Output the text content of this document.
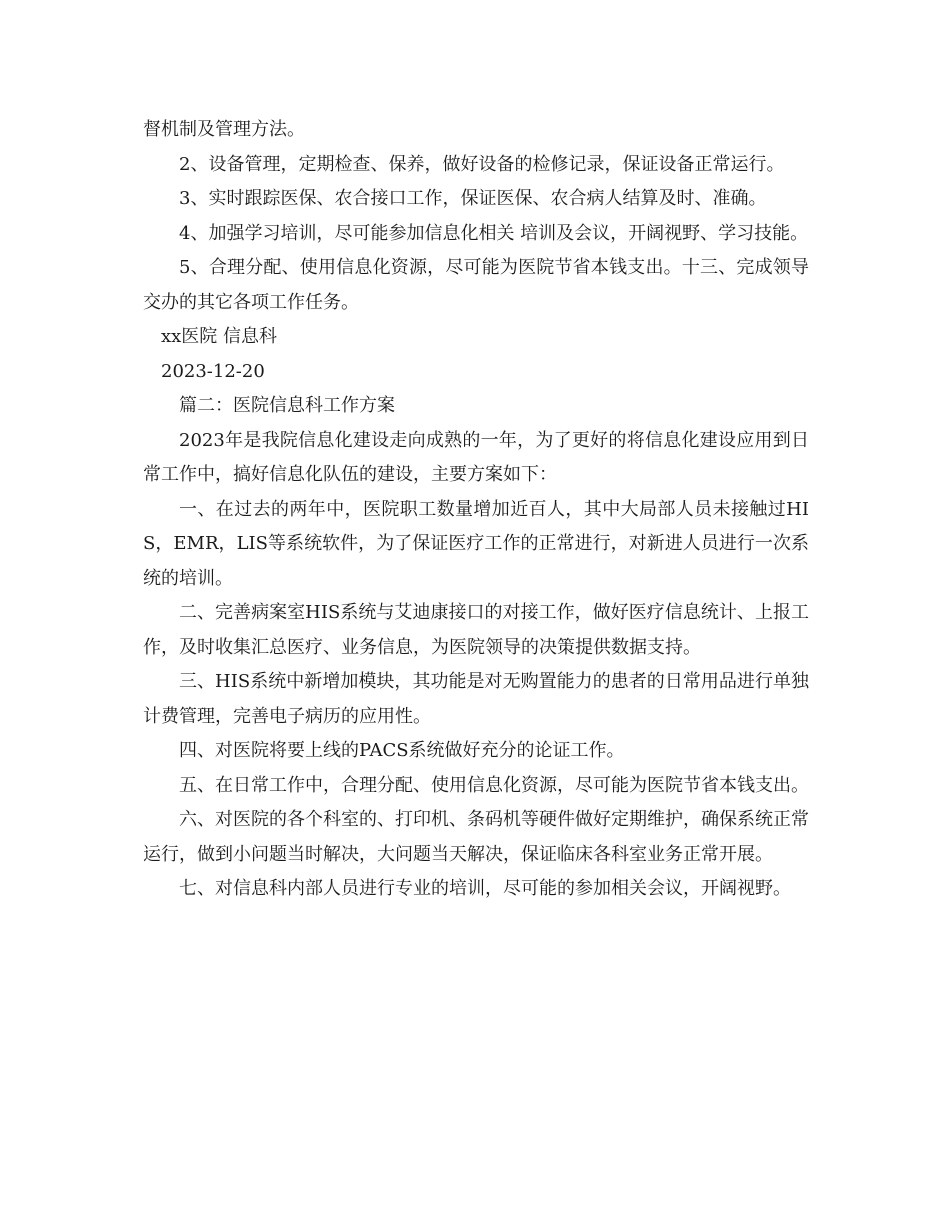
督机制及管理方法。

2、设备管理，定期检查、保养，做好设备的检修记录，保证设备正常运行。

3、实时跟踪医保、农合接口工作，保证医保、农合病人结算及时、准确。

4、加强学习培训，尽可能参加信息化相关 培训及会议，开阔视野、学习技能。

5、合理分配、使用信息化资源，尽可能为医院节省本钱支出。十三、完成领导交办的其它各项工作任务。

xx医院 信息科

2023-12-20

篇二：医院信息科工作方案

2023年是我院信息化建设走向成熟的一年，为了更好的将信息化建设应用到日常工作中，搞好信息化队伍的建设，主要方案如下：

一、在过去的两年中，医院职工数量增加近百人，其中大局部人员未接触过HIS，EMR，LIS等系统软件，为了保证医疗工作的正常进行，对新进人员进行一次系统的培训。

二、完善病案室HIS系统与艾迪康接口的对接工作，做好医疗信息统计、上报工作，及时收集汇总医疗、业务信息，为医院领导的决策提供数据支持。

三、HIS系统中新增加模块，其功能是对无购置能力的患者的日常用品进行单独计费管理，完善电子病历的应用性。

四、对医院将要上线的PACS系统做好充分的论证工作。

五、在日常工作中，合理分配、使用信息化资源，尽可能为医院节省本钱支出。

六、对医院的各个科室的、打印机、条码机等硬件做好定期维护，确保系统正常运行，做到小问题当时解决，大问题当天解决，保证临床各科室业务正常开展。

七、对信息科内部人员进行专业的培训，尽可能的参加相关会议，开阔视野。
